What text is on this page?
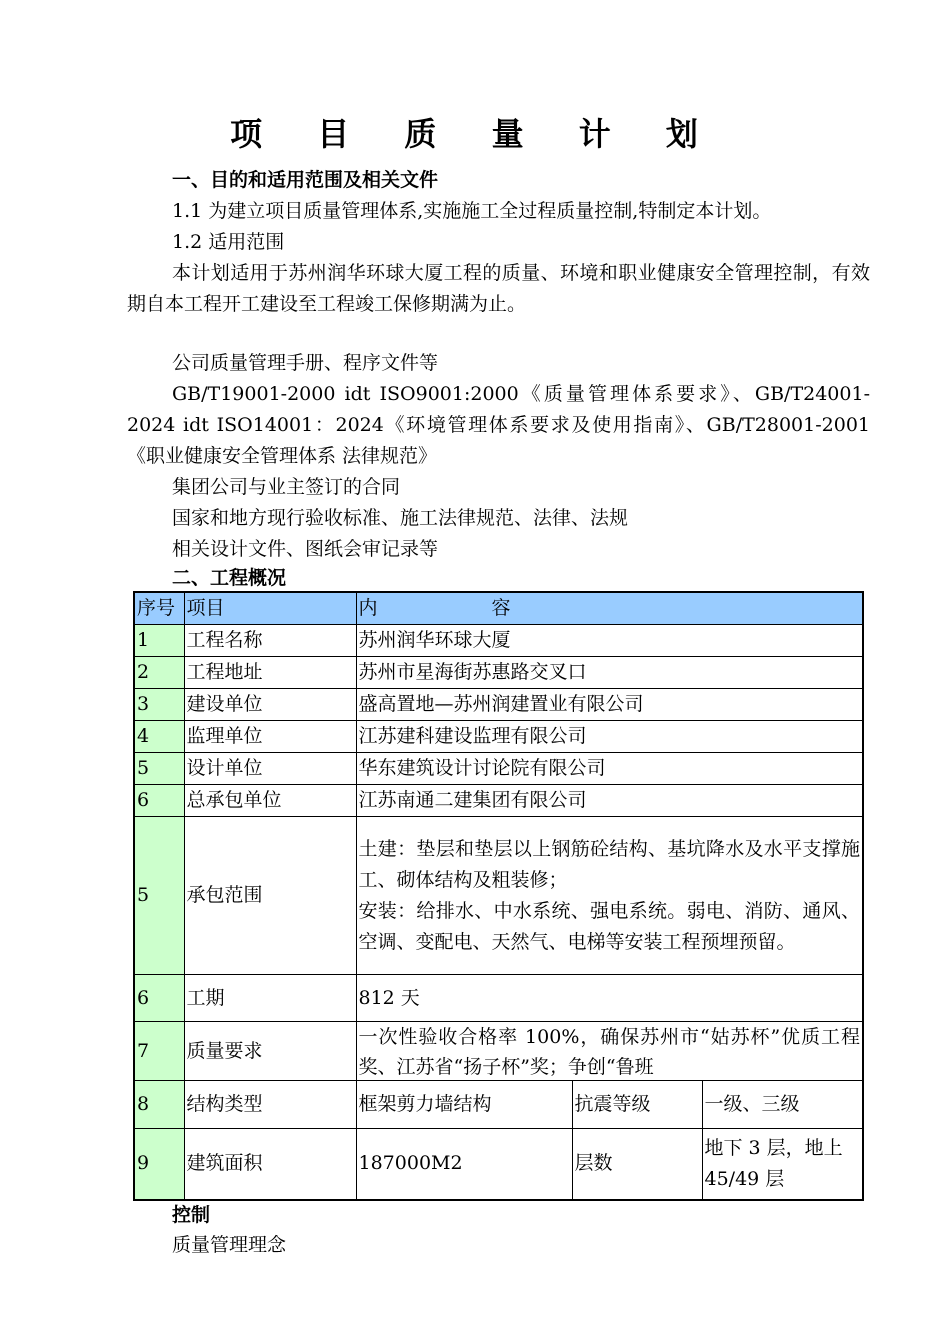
项 目 质 量 计 划
一、目的和适用范围及相关文件
1.1 为建立项目质量管理体系,实施施工全过程质量控制,特制定本计划。
1.2 适用范围
本计划适用于苏州润华环球大厦工程的质量、环境和职业健康安全管理控制，有效期自本工程开工建设至工程竣工保修期满为止。
公司质量管理手册、程序文件等
GB/T19001-2000 idt ISO9001:2000《质量管理体系要求》、GB/T24001-2024 idt ISO14001：2024《环境管理体系要求及使用指南》、GB/T28001-2001《职业健康安全管理体系 法律规范》
集团公司与业主签订的合同
国家和地方现行验收标准、施工法律规范、法律、法规
相关设计文件、图纸会审记录等
二、工程概况
序号	项目	内　　　　　　容		
1	工程名称	苏州润华环球大厦		
2	工程地址	苏州市星海街苏惠路交叉口		
3	建设单位	盛高置地—苏州润建置业有限公司		
4	监理单位	江苏建科建设监理有限公司		
5	设计单位	华东建筑设计讨论院有限公司		
6	总承包单位	江苏南通二建集团有限公司		
5	承包范围	土建：垫层和垫层以上钢筋砼结构、基坑降水及水平支撑施工、砌体结构及粗装修；
安装：给排水、中水系统、强电系统。弱电、消防、通风、空调、变配电、天然气、电梯等安装工程预埋预留。		

6	工期	812 天		
7	质量要求	一次性验收合格率 100%，确保苏州市“姑苏杯”优质工程奖、江苏省“扬子杯”奖；争创“鲁班		

8	结构类型	框架剪力墙结构	抗震等级	一级、三级
9	建筑面积	187000M2	层数	地下 3 层，地上 45/49 层
控制
质量管理理念
